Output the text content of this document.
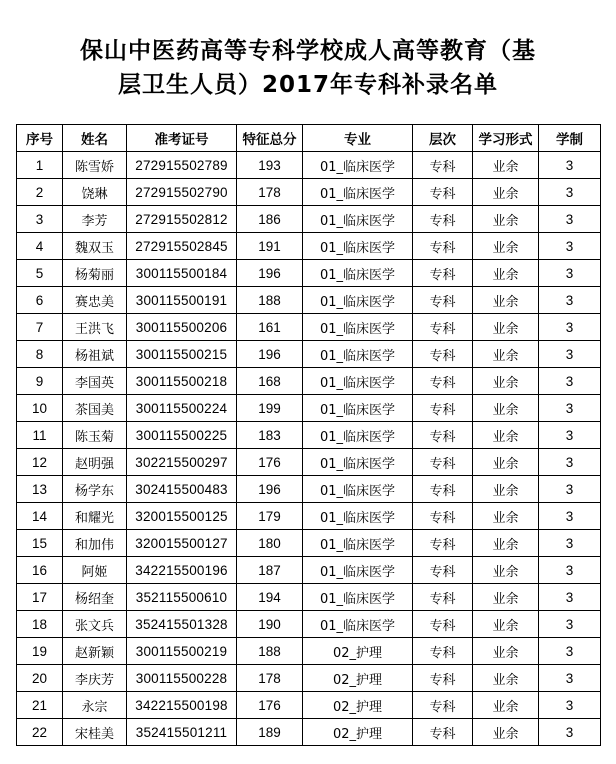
保山中医药高等专科学校成人高等教育（基
层卫生人员）2017年专科补录名单
序号	姓名	准考证号	特征总分	专业	层次	学习形式	学制
1	陈雪娇	272915502789	193	01_临床医学	专科	业余	3
2	饶琳	272915502790	178	01_临床医学	专科	业余	3
3	李芳	272915502812	186	01_临床医学	专科	业余	3
4	魏双玉	272915502845	191	01_临床医学	专科	业余	3
5	杨菊丽	300115500184	196	01_临床医学	专科	业余	3
6	赛忠美	300115500191	188	01_临床医学	专科	业余	3
7	王洪飞	300115500206	161	01_临床医学	专科	业余	3
8	杨祖斌	300115500215	196	01_临床医学	专科	业余	3
9	李国英	300115500218	168	01_临床医学	专科	业余	3
10	茶国美	300115500224	199	01_临床医学	专科	业余	3
11	陈玉菊	300115500225	183	01_临床医学	专科	业余	3
12	赵明强	302215500297	176	01_临床医学	专科	业余	3
13	杨学东	302415500483	196	01_临床医学	专科	业余	3
14	和耀光	320015500125	179	01_临床医学	专科	业余	3
15	和加伟	320015500127	180	01_临床医学	专科	业余	3
16	阿姬	342215500196	187	01_临床医学	专科	业余	3
17	杨绍奎	352115500610	194	01_临床医学	专科	业余	3
18	张文兵	352415501328	190	01_临床医学	专科	业余	3
19	赵新颖	300115500219	188	02_护理	专科	业余	3
20	李庆芳	300115500228	178	02_护理	专科	业余	3
21	永宗	342215500198	176	02_护理	专科	业余	3
22	宋桂美	352415501211	189	02_护理	专科	业余	3
